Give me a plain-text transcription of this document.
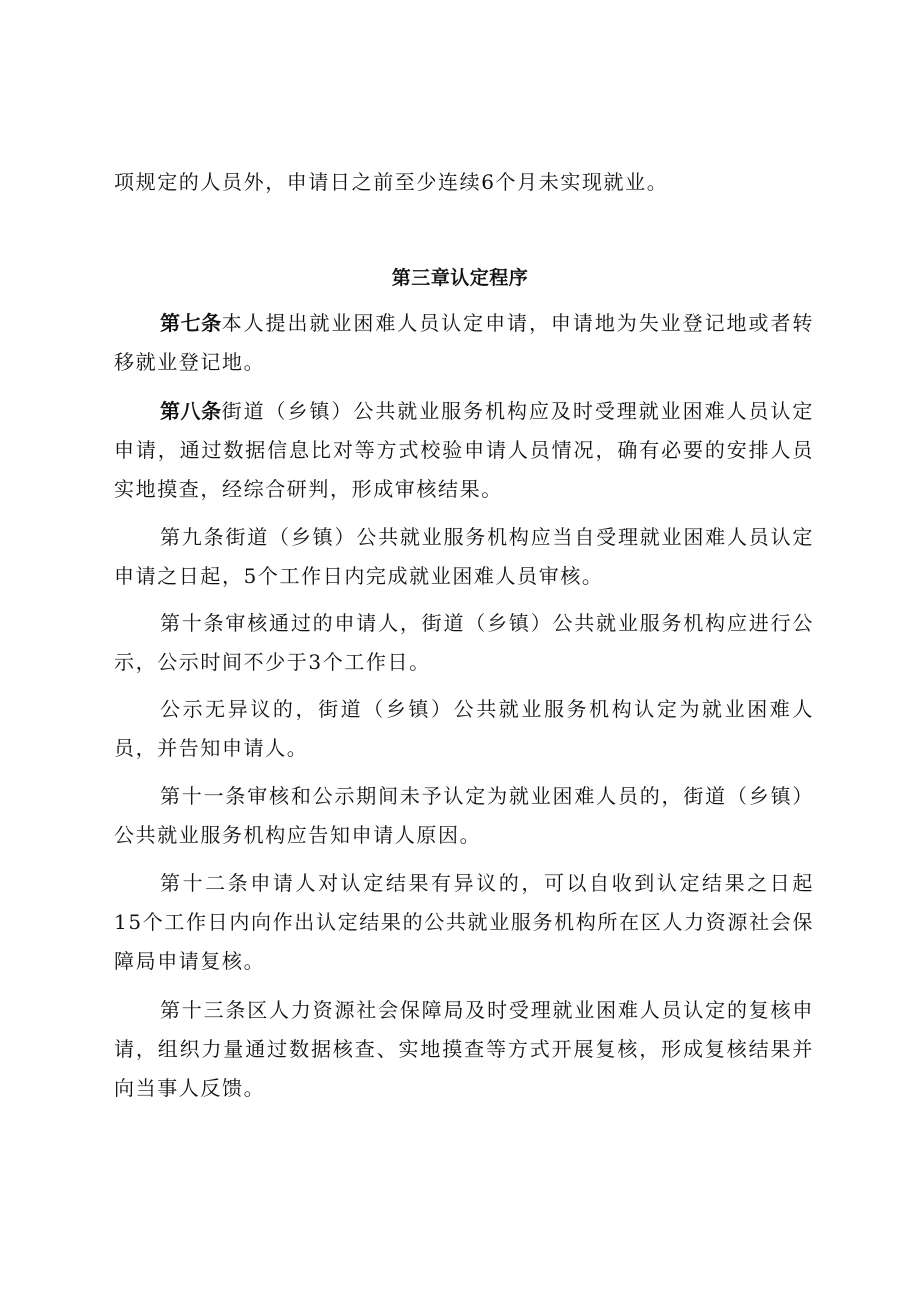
项规定的人员外，申请日之前至少连续6个月未实现就业。

第三章认定程序

第七条本人提出就业困难人员认定申请，申请地为失业登记地或者转移就业登记地。

第八条街道（乡镇）公共就业服务机构应及时受理就业困难人员认定申请，通过数据信息比对等方式校验申请人员情况，确有必要的安排人员实地摸查，经综合研判，形成审核结果。

第九条街道（乡镇）公共就业服务机构应当自受理就业困难人员认定申请之日起，5个工作日内完成就业困难人员审核。

第十条审核通过的申请人，街道（乡镇）公共就业服务机构应进行公示，公示时间不少于3个工作日。

公示无异议的，街道（乡镇）公共就业服务机构认定为就业困难人员，并告知申请人。

第十一条审核和公示期间未予认定为就业困难人员的，街道（乡镇）公共就业服务机构应告知申请人原因。

第十二条申请人对认定结果有异议的，可以自收到认定结果之日起15个工作日内向作出认定结果的公共就业服务机构所在区人力资源社会保障局申请复核。

第十三条区人力资源社会保障局及时受理就业困难人员认定的复核申请，组织力量通过数据核查、实地摸查等方式开展复核，形成复核结果并向当事人反馈。
